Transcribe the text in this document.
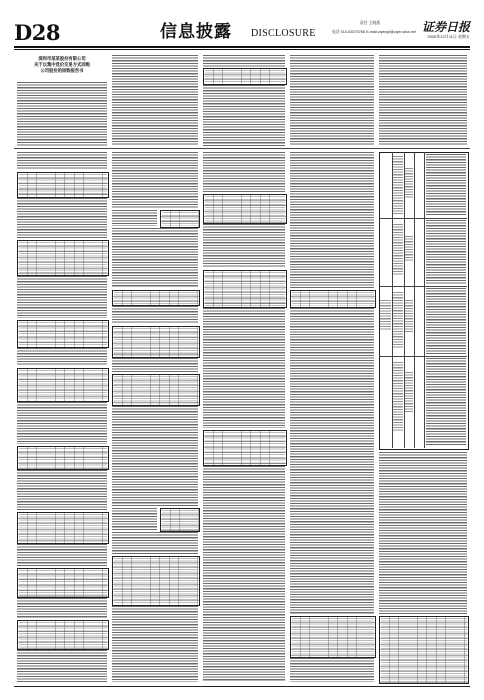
D28	信息披露 DISCLOSURE
责任 王晓燕
电话 010-63070766 E-mail:zqrbxpl@zqrb.sina.net 证券日报
2020年12月11日 星期五
深圳市某某股份有限公司
关于以集中竞价交易方式回购
公司股份的回购报告书
